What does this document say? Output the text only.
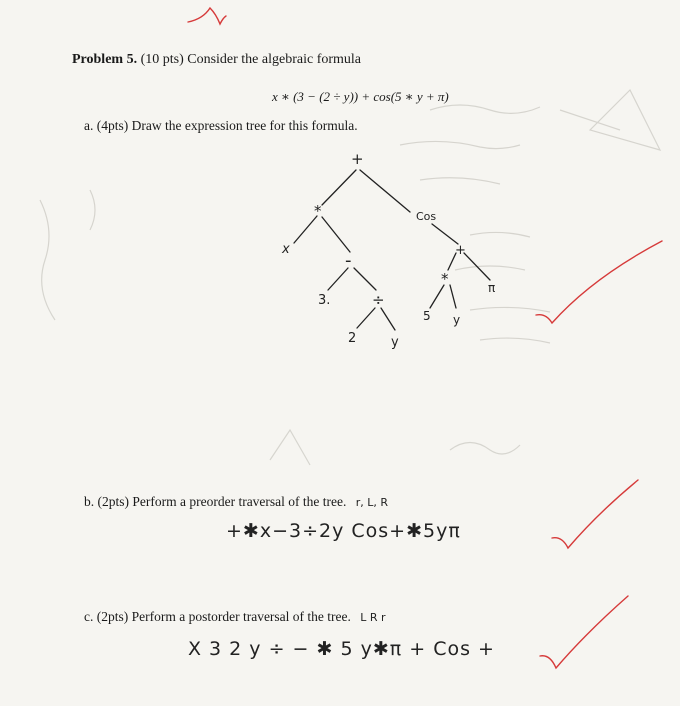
Problem 5. (10 pts) Consider the algebraic formula
x ∗ (3 − (2 ÷ y)) + cos(5 ∗ y + π)
a. (4pts) Draw the expression tree for this formula.
+
*	Cos
x
-
3.	÷
2	y
+
*
5 y
π
b. (2pts) Perform a preorder traversal of the tree. r, L, R
+✱x−3÷2y Cos+✱5yπ
c. (2pts) Perform a postorder traversal of the tree. L R r
X 3 2 y ÷ − ✱ 5 y✱π + Cos +
